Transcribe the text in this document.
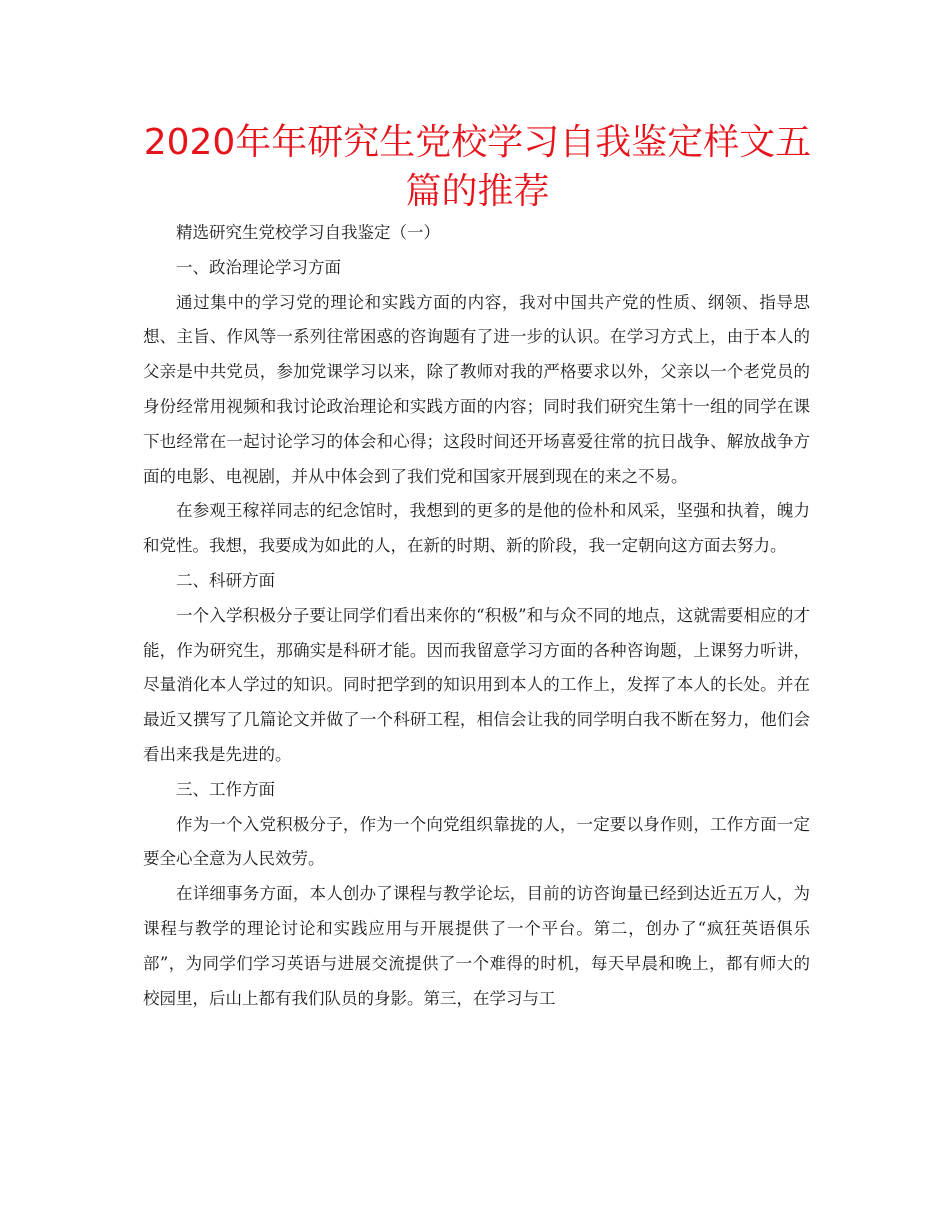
2020年年研究生党校学习自我鉴定样文五篇的推荐

精选研究生党校学习自我鉴定（一）

一、政治理论学习方面

通过集中的学习党的理论和实践方面的内容，我对中国共产党的性质、纲领、指导思想、主旨、作风等一系列往常困惑的咨询题有了进一步的认识。在学习方式上，由于本人的父亲是中共党员，参加党课学习以来，除了教师对我的严格要求以外，父亲以一个老党员的身份经常用视频和我讨论政治理论和实践方面的内容；同时我们研究生第十一组的同学在课下也经常在一起讨论学习的体会和心得；这段时间还开场喜爱往常的抗日战争、解放战争方面的电影、电视剧，并从中体会到了我们党和国家开展到现在的来之不易。

在参观王稼祥同志的纪念馆时，我想到的更多的是他的俭朴和风采，坚强和执着，魄力和党性。我想，我要成为如此的人，在新的时期、新的阶段，我一定朝向这方面去努力。

二、科研方面

一个入学积极分子要让同学们看出来你的“积极”和与众不同的地点，这就需要相应的才能，作为研究生，那确实是科研才能。因而我留意学习方面的各种咨询题，上课努力听讲，尽量消化本人学过的知识。同时把学到的知识用到本人的工作上，发挥了本人的长处。并在最近又撰写了几篇论文并做了一个科研工程，相信会让我的同学明白我不断在努力，他们会看出来我是先进的。

三、工作方面

作为一个入党积极分子，作为一个向党组织靠拢的人，一定要以身作则，工作方面一定要全心全意为人民效劳。

在详细事务方面，本人创办了课程与教学论坛，目前的访咨询量已经到达近五万人，为课程与教学的理论讨论和实践应用与开展提供了一个平台。第二，创办了“疯狂英语俱乐部”，为同学们学习英语与进展交流提供了一个难得的时机，每天早晨和晚上，都有师大的校园里，后山上都有我们队员的身影。第三，在学习与工
